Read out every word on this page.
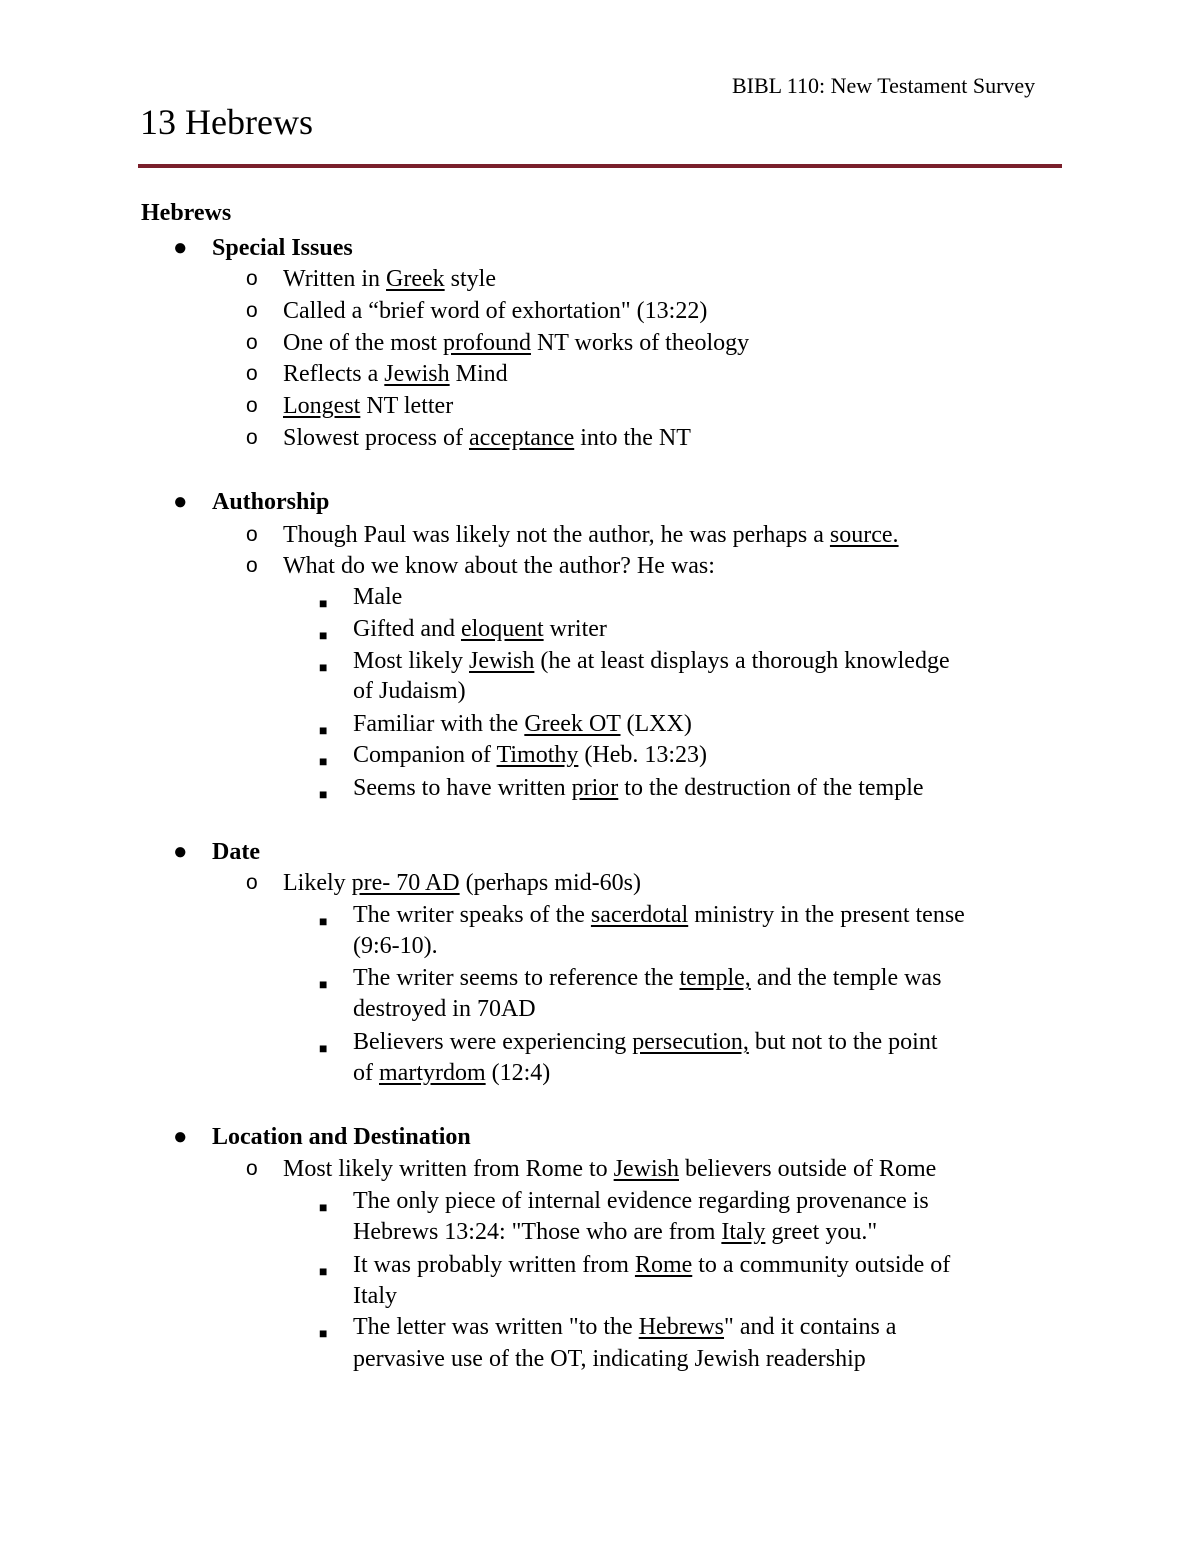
BIBL 110: New Testament Survey
13 Hebrews
Hebrews
● Special Issues
o Written in Greek style
o Called a “brief word of exhortation" (13:22)
o One of the most profound NT works of theology
o Reflects a Jewish Mind
o Longest NT letter
o Slowest process of acceptance into the NT
● Authorship
o Though Paul was likely not the author, he was perhaps a source.
o What do we know about the author? He was:
■ Male
■ Gifted and eloquent writer
■ Most likely Jewish (he at least displays a thorough knowledge
of Judaism)
■ Familiar with the Greek OT (LXX)
■ Companion of Timothy (Heb. 13:23)
■ Seems to have written prior to the destruction of the temple
● Date
o Likely pre- 70 AD (perhaps mid-60s)
■ The writer speaks of the sacerdotal ministry in the present tense
(9:6-10).
■ The writer seems to reference the temple, and the temple was
destroyed in 70AD
■ Believers were experiencing persecution, but not to the point
of martyrdom (12:4)
● Location and Destination
o Most likely written from Rome to Jewish believers outside of Rome
■ The only piece of internal evidence regarding provenance is
Hebrews 13:24: "Those who are from Italy greet you."
■ It was probably written from Rome to a community outside of
Italy
■ The letter was written "to the Hebrews" and it contains a
pervasive use of the OT, indicating Jewish readership
